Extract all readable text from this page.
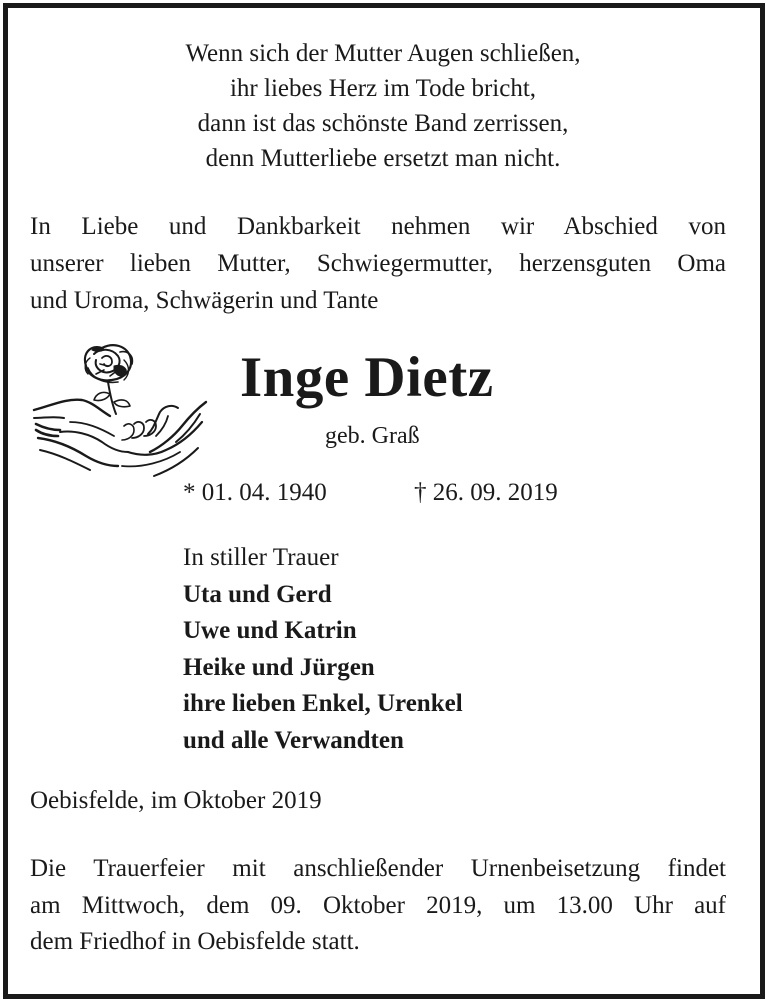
Wenn sich der Mutter Augen schließen,
ihr liebes Herz im Tode bricht,
dann ist das schönste Band zerrissen,
denn Mutterliebe ersetzt man nicht.
In Liebe und Dankbarkeit nehmen wir Abschied von
unserer lieben Mutter, Schwiegermutter, herzensguten Oma
und Uroma, Schwägerin und Tante
Inge Dietz
geb. Graß
* 01. 04. 1940	† 26. 09. 2019
In stiller Trauer
Uta und Gerd
Uwe und Katrin
Heike und Jürgen
ihre lieben Enkel, Urenkel
und alle Verwandten
Oebisfelde, im Oktober 2019
Die Trauerfeier mit anschließender Urnenbeisetzung findet
am Mittwoch, dem 09. Oktober 2019, um 13.00 Uhr auf
dem Friedhof in Oebisfelde statt.
